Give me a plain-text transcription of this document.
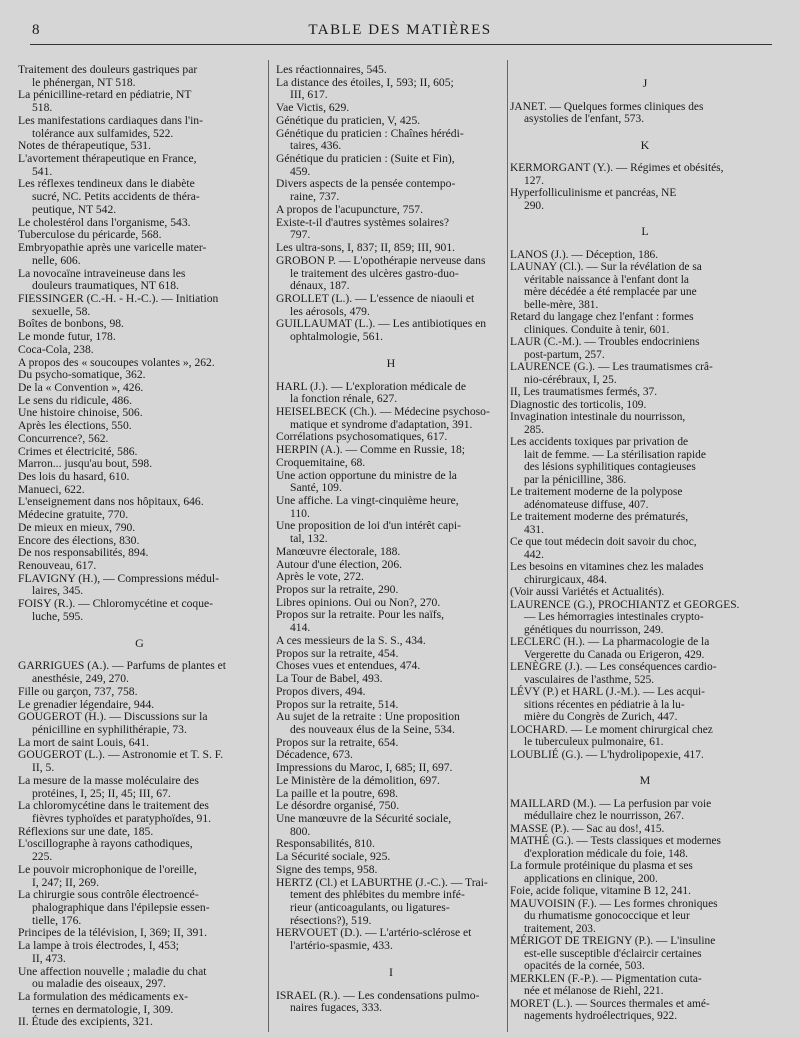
8	TABLE DES MATIÈRES

Traitement des douleurs gastriques par
le phénergan, NT 518.

La pénicilline-retard en pédiatrie, NT
518.

Les manifestations cardiaques dans l'in-
tolérance aux sulfamides, 522.

Notes de thérapeutique, 531.

L'avortement thérapeutique en France,
541.

Les réflexes tendineux dans le diabète
sucré, NC. Petits accidents de théra-
peutique, NT 542.

Le cholestérol dans l'organisme, 543.

Tuberculose du péricarde, 568.

Embryopathie après une varicelle mater-
nelle, 606.

La novocaïne intraveineuse dans les
douleurs traumatiques, NT 618.

FIESSINGER (C.-H. - H.-C.). — Initiation
sexuelle, 58.

Boîtes de bonbons, 98.

Le monde futur, 178.

Coca-Cola, 238.

A propos des « soucoupes volantes », 262.

Du psycho-somatique, 362.

De la « Convention », 426.

Le sens du ridicule, 486.

Une histoire chinoise, 506.

Après les élections, 550.

Concurrence?, 562.

Crimes et électricité, 586.

Marron... jusqu'au bout, 598.

Des lois du hasard, 610.

Manueci, 622.

L'enseignement dans nos hôpitaux, 646.

Médecine gratuite, 770.

De mieux en mieux, 790.

Encore des élections, 830.

De nos responsabilités, 894.

Renouveau, 617.

FLAVIGNY (H.), — Compressions médul-
laires, 345.

FOISY (R.). — Chloromycétine et coque-
luche, 595.

G

GARRIGUES (A.). — Parfums de plantes et
anesthésie, 249, 270.

Fille ou garçon, 737, 758.

Le grenadier légendaire, 944.

GOUGEROT (H.). — Discussions sur la
pénicilline en syphilithérapie, 73.

La mort de saint Louis, 641.

GOUGEROT (L.). — Astronomie et T. S. F.
II, 5.

La mesure de la masse moléculaire des
protéines, I, 25; II, 45; III, 67.

La chloromycétine dans le traitement des
fièvres typhoïdes et paratyphoïdes, 91.

Réflexions sur une date, 185.

L'oscillographe à rayons cathodiques,
225.

Le pouvoir microphonique de l'oreille,
I, 247; II, 269.

La chirurgie sous contrôle électroencé-
phalographique dans l'épilepsie essen-
tielle, 176.

Principes de la télévision, I, 369; II, 391.

La lampe à trois électrodes, I, 453;
II, 473.

Une affection nouvelle ; maladie du chat
ou maladie des oiseaux, 297.

La formulation des médicaments ex-
ternes en dermatologie, I, 309.

II. Étude des excipients, 321.

Les réactionnaires, 545.

La distance des étoiles, I, 593; II, 605;
III, 617.

Vae Victis, 629.

Génétique du praticien, V, 425.

Génétique du praticien : Chaînes hérédi-
taires, 436.

Génétique du praticien : (Suite et Fin),
459.

Divers aspects de la pensée contempo-
raine, 737.

A propos de l'acupuncture, 757.

Existe-t-il d'autres systèmes solaires?
797.

Les ultra-sons, I, 837; II, 859; III, 901.

GROBON P. — L'opothérapie nerveuse dans
le traitement des ulcères gastro-duo-
dénaux, 187.

GROLLET (L.). — L'essence de niaouli et
les aérosols, 479.

GUILLAUMAT (L.). — Les antibiotiques en
ophtalmologie, 561.

H

HARL (J.). — L'exploration médicale de
la fonction rénale, 627.

HEISELBECK (Ch.). — Médecine psychoso-
matique et syndrome d'adaptation, 391.

Corrélations psychosomatiques, 617.

HERPIN (A.). — Comme en Russie, 18;

Croquemitaine, 68.

Une action opportune du ministre de la
Santé, 109.

Une affiche. La vingt-cinquième heure,
110.

Une proposition de loi d'un intérêt capi-
tal, 132.

Manœuvre électorale, 188.

Autour d'une élection, 206.

Après le vote, 272.

Propos sur la retraite, 290.

Libres opinions. Oui ou Non?, 270.

Propos sur la retraite. Pour les naïfs,
414.

A ces messieurs de la S. S., 434.

Propos sur la retraite, 454.

Choses vues et entendues, 474.

La Tour de Babel, 493.

Propos divers, 494.

Propos sur la retraite, 514.

Au sujet de la retraite : Une proposition
des nouveaux élus de la Seine, 534.

Propos sur la retraite, 654.

Décadence, 673.

Impressions du Maroc, I, 685; II, 697.

Le Ministère de la démolition, 697.

La paille et la poutre, 698.

Le désordre organisé, 750.

Une manœuvre de la Sécurité sociale,
800.

Responsabilités, 810.

La Sécurité sociale, 925.

Signe des temps, 958.

HERTZ (Cl.) et LABURTHE (J.-C.). — Trai-
tement des phlébites du membre infé-
rieur (anticoagulants, ou ligatures-
résections?), 519.

HERVOUET (D.). — L'artério-sclérose et
l'artério-spasmie, 433.

I

ISRAEL (R.). — Les condensations pulmo-
naires fugaces, 333.

J

JANET. — Quelques formes cliniques des
asystolies de l'enfant, 573.

K

KERMORGANT (Y.). — Régimes et obésités,
127.

Hyperfolliculinisme et pancréas, NE
290.

L

LANOS (J.). — Déception, 186.

LAUNAY (Cl.). — Sur la révélation de sa
véritable naissance à l'enfant dont la
mère décédée a été remplacée par une
belle-mère, 381.

Retard du langage chez l'enfant : formes
cliniques. Conduite à tenir, 601.

LAUR (C.-M.). — Troubles endocriniens
post-partum, 257.

LAURENCE (G.). — Les traumatismes crâ-
nio-cérébraux, I, 25.

II, Les traumatismes fermés, 37.

Diagnostic des torticolis, 109.

Invagination intestinale du nourrisson,
285.

Les accidents toxiques par privation de
lait de femme. — La stérilisation rapide
des lésions syphilitiques contagieuses
par la pénicilline, 386.

Le traitement moderne de la polypose
adénomateuse diffuse, 407.

Le traitement moderne des prématurés,
431.

Ce que tout médecin doit savoir du choc,
442.

Les besoins en vitamines chez les malades
chirurgicaux, 484.

(Voir aussi Variétés et Actualités).

LAURENCE (G.), PROCHIANTZ et GEORGES.
— Les hémorragies intestinales crypto-
génétiques du nourrisson, 249.

LECLERC (H.). — La pharmacologie de la
Vergerette du Canada ou Erigeron, 429.

LENÈGRE (J.). — Les conséquences cardio-
vasculaires de l'asthme, 525.

LÉVY (P.) et HARL (J.-M.). — Les acqui-
sitions récentes en pédiatrie à la lu-
mière du Congrès de Zurich, 447.

LOCHARD. — Le moment chirurgical chez
le tuberculeux pulmonaire, 61.

LOUBLIÉ (G.). — L'hydrolipopexie, 417.

M

MAILLARD (M.). — La perfusion par voie
médullaire chez le nourrisson, 267.

MASSE (P.). — Sac au dos!, 415.

MATHÉ (G.). — Tests classiques et modernes
d'exploration médicale du foie, 148.

La formule protéinique du plasma et ses
applications en clinique, 200.

Foie, acide folique, vitamine B 12, 241.

MAUVOISIN (F.). — Les formes chroniques
du rhumatisme gonococcique et leur
traitement, 203.

MÉRIGOT DE TREIGNY (P.). — L'insuline
est-elle susceptible d'éclaircir certaines
opacités de la cornée, 503.

MERKLEN (F.-P.). — Pigmentation cuta-
née et mélanose de Riehl, 221.

MORET (L.). — Sources thermales et amé-
nagements hydroélectriques, 922.
